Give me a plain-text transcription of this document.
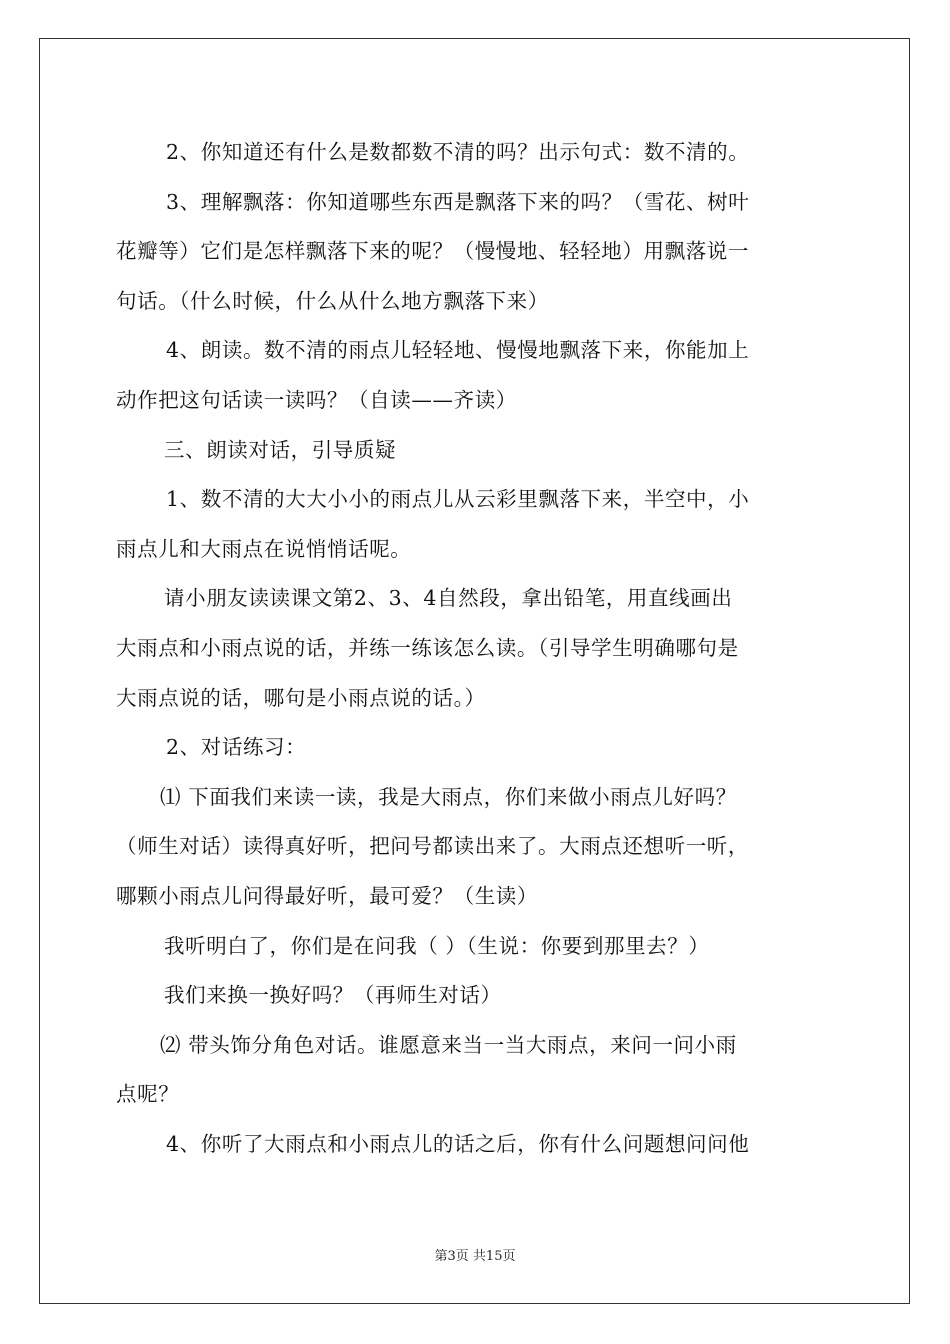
2、你知道还有什么是数都数不清的吗？出示句式：数不清的。
3、理解飘落：你知道哪些东西是飘落下来的吗？（雪花、树叶
花瓣等）它们是怎样飘落下来的呢？（慢慢地、轻轻地）用飘落说一
句话。（什么时候，什么从什么地方飘落下来）
4、朗读。数不清的雨点儿轻轻地、慢慢地飘落下来，你能加上
动作把这句话读一读吗？（自读——齐读）
三、朗读对话，引导质疑
1、数不清的大大小小的雨点儿从云彩里飘落下来，半空中，小
雨点儿和大雨点在说悄悄话呢。
请小朋友读读课文第2、3、4自然段，拿出铅笔，用直线画出
大雨点和小雨点说的话，并练一练该怎么读。（引导学生明确哪句是
大雨点说的话，哪句是小雨点说的话。）
2、对话练习：
⑴ 下面我们来读一读，我是大雨点，你们来做小雨点儿好吗？
（师生对话）读得真好听，把问号都读出来了。大雨点还想听一听，
哪颗小雨点儿问得最好听，最可爱？（生读）
我听明白了，你们是在问我（ ）（生说：你要到那里去？）
我们来换一换好吗？（再师生对话）
⑵ 带头饰分角色对话。谁愿意来当一当大雨点，来问一问小雨
点呢？
4、你听了大雨点和小雨点儿的话之后，你有什么问题想问问他
第3页 共15页
